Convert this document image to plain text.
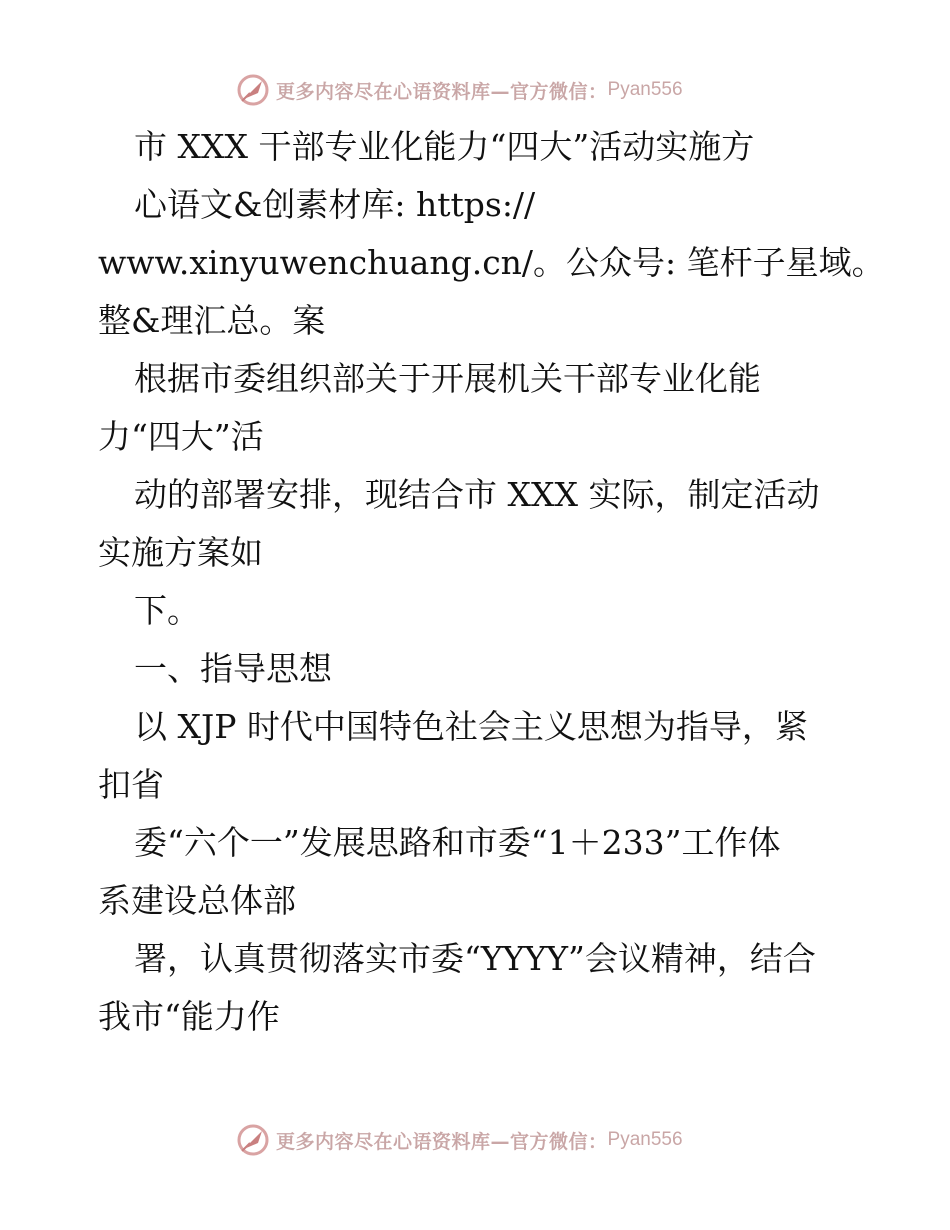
更多内容尽在心语资料库—官方微信： Pyan556
市 XXX 干部专业化能力“四大”活动实施方
心语文&创素材库: https://
www.xinyuwenchuang.cn/。公众号: 笔杆子星域。
整&理汇总。案
根据市委组织部关于开展机关干部专业化能
力“四大”活
动的部署安排，现结合市 XXX 实际，制定活动
实施方案如
下。
一、指导思想
以 XJP 时代中国特色社会主义思想为指导，紧
扣省
委“六个一”发展思路和市委“1＋233”工作体
系建设总体部
署，认真贯彻落实市委“YYYY”会议精神，结合
我市“能力作
更多内容尽在心语资料库—官方微信： Pyan556
